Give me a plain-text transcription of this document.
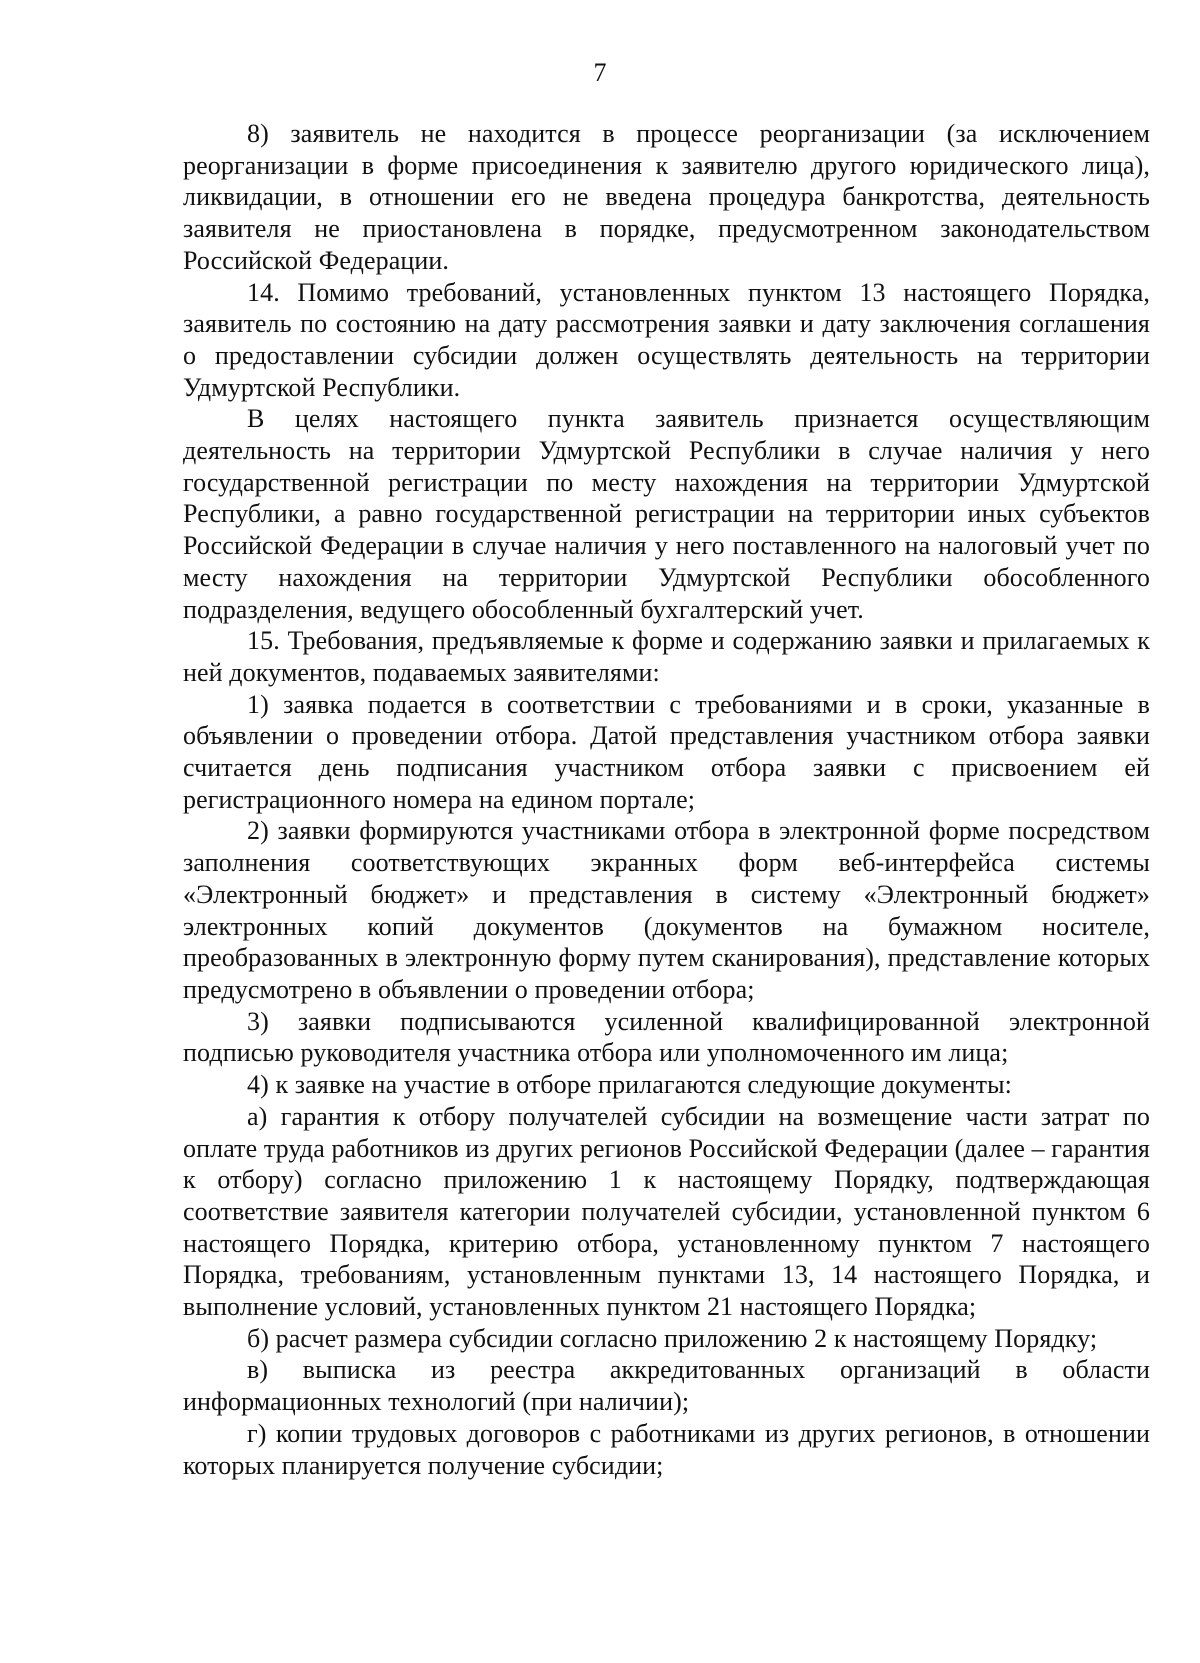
7

8) заявитель не находится в процессе реорганизации (за исключением реорганизации в форме присоединения к заявителю другого юридического лица), ликвидации, в отношении его не введена процедура банкротства, деятельность заявителя не приостановлена в порядке, предусмотренном законодательством Российской Федерации.

14. Помимо требований, установленных пунктом 13 настоящего Порядка, заявитель по состоянию на дату рассмотрения заявки и дату заключения соглашения о предоставлении субсидии должен осуществлять деятельность на территории Удмуртской Республики.

В целях настоящего пункта заявитель признается осуществляющим деятельность на территории Удмуртской Республики в случае наличия у него государственной регистрации по месту нахождения на территории Удмуртской Республики, а равно государственной регистрации на территории иных субъектов Российской Федерации в случае наличия у него поставленного на налоговый учет по месту нахождения на территории Удмуртской Республики обособленного подразделения, ведущего обособленный бухгалтерский учет.

15. Требования, предъявляемые к форме и содержанию заявки и прилагаемых к ней документов, подаваемых заявителями:

1) заявка подается в соответствии с требованиями и в сроки, указанные в объявлении о проведении отбора. Датой представления участником отбора заявки считается день подписания участником отбора заявки с присвоением ей регистрационного номера на едином портале;

2) заявки формируются участниками отбора в электронной форме посредством заполнения соответствующих экранных форм веб-интерфейса системы «Электронный бюджет» и представления в систему «Электронный бюджет» электронных копий документов (документов на бумажном носителе, преобразованных в электронную форму путем сканирования), представление которых предусмотрено в объявлении о проведении отбора;

3) заявки подписываются усиленной квалифицированной электронной подписью руководителя участника отбора или уполномоченного им лица;

4) к заявке на участие в отборе прилагаются следующие документы:

а) гарантия к отбору получателей субсидии на возмещение части затрат по оплате труда работников из других регионов Российской Федерации (далее – гарантия к отбору) согласно приложению 1 к настоящему Порядку, подтверждающая соответствие заявителя категории получателей субсидии, установленной пунктом 6 настоящего Порядка, критерию отбора, установленному пунктом 7 настоящего Порядка, требованиям, установленным пунктами 13, 14 настоящего Порядка, и выполнение условий, установленных пунктом 21 настоящего Порядка;

б) расчет размера субсидии согласно приложению 2 к настоящему Порядку;

в) выписка из реестра аккредитованных организаций в области информационных технологий (при наличии);

г) копии трудовых договоров с работниками из других регионов, в отношении которых планируется получение субсидии;
